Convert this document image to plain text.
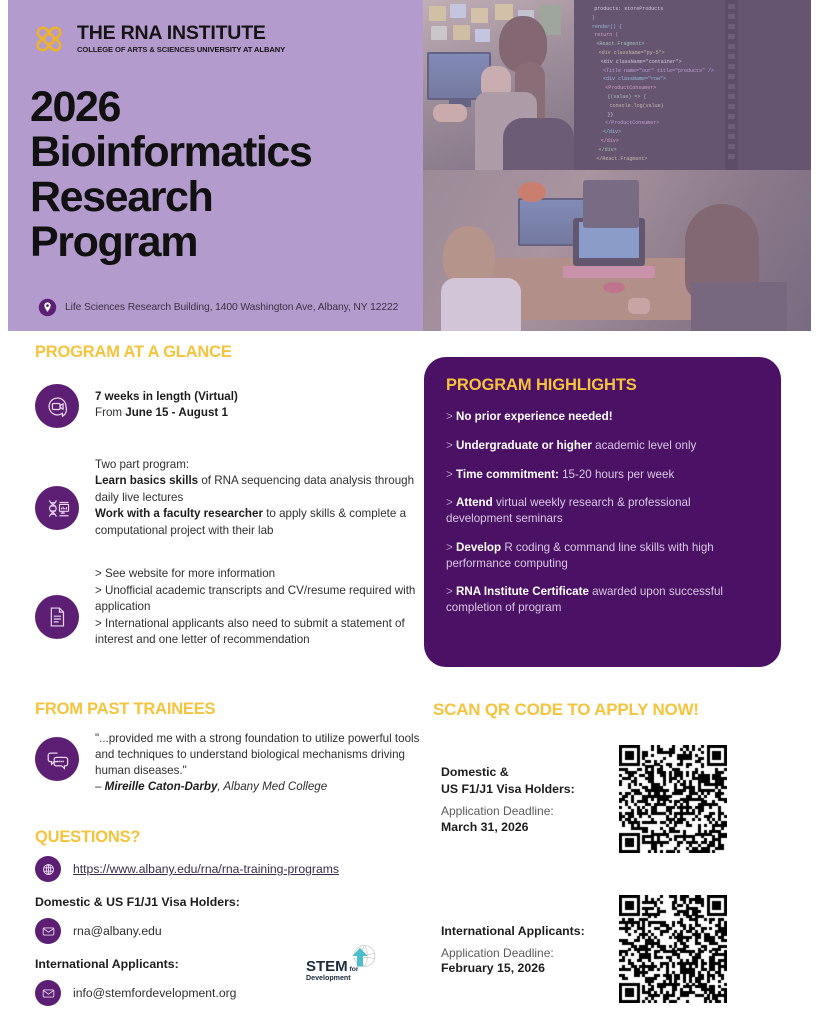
THE RNA INSTITUTE
COLLEGE OF ARTS & SCIENCES UNIVERSITY AT ALBANY
2026
Bioinformatics
Research
Program
Life Sciences Research Building, 1400 Washington Ave, Albany, NY 12222
products: storeProducts
}
render() {
return (
<React.Fragment>
<div className="py-5">
<div className="container">
<Title name="our" title="products" />
<div className="row">
<ProductConsumer>
{(value) => {
console.log(value)
}}
</ProductConsumer>
</div>
</div>
</div>
</React.Fragment>
PROGRAM AT A GLANCE
7 weeks in length (Virtual)
From June 15 - August 1
Two part program:
Learn basics skills of RNA sequencing data analysis through daily live lectures
Work with a faculty researcher to apply skills & complete a computational project with their lab
> See website for more information
> Unofficial academic transcripts and CV/resume required with application
> International applicants also need to submit a statement of interest and one letter of recommendation
PROGRAM HIGHLIGHTS
> No prior experience needed!
> Undergraduate or higher academic level only
> Time commitment: 15-20 hours per week
> Attend virtual weekly research & professional development seminars
> Develop R coding & command line skills with high performance computing
> RNA Institute Certificate awarded upon successful completion of program
FROM PAST TRAINEES
"...provided me with a strong foundation to utilize powerful tools and techniques to understand biological mechanisms driving human diseases."
– Mireille Caton-Darby, Albany Med College
QUESTIONS?
https://www.albany.edu/rna/rna-training-programs
Domestic & US F1/J1 Visa Holders:
rna@albany.edu
International Applicants:
info@stemfordevelopment.org
STEM for
Development
SCAN QR CODE TO APPLY NOW!
Domestic &
US F1/J1 Visa Holders:
Application Deadline:
March 31, 2026
International Applicants:
Application Deadline:
February 15, 2026
